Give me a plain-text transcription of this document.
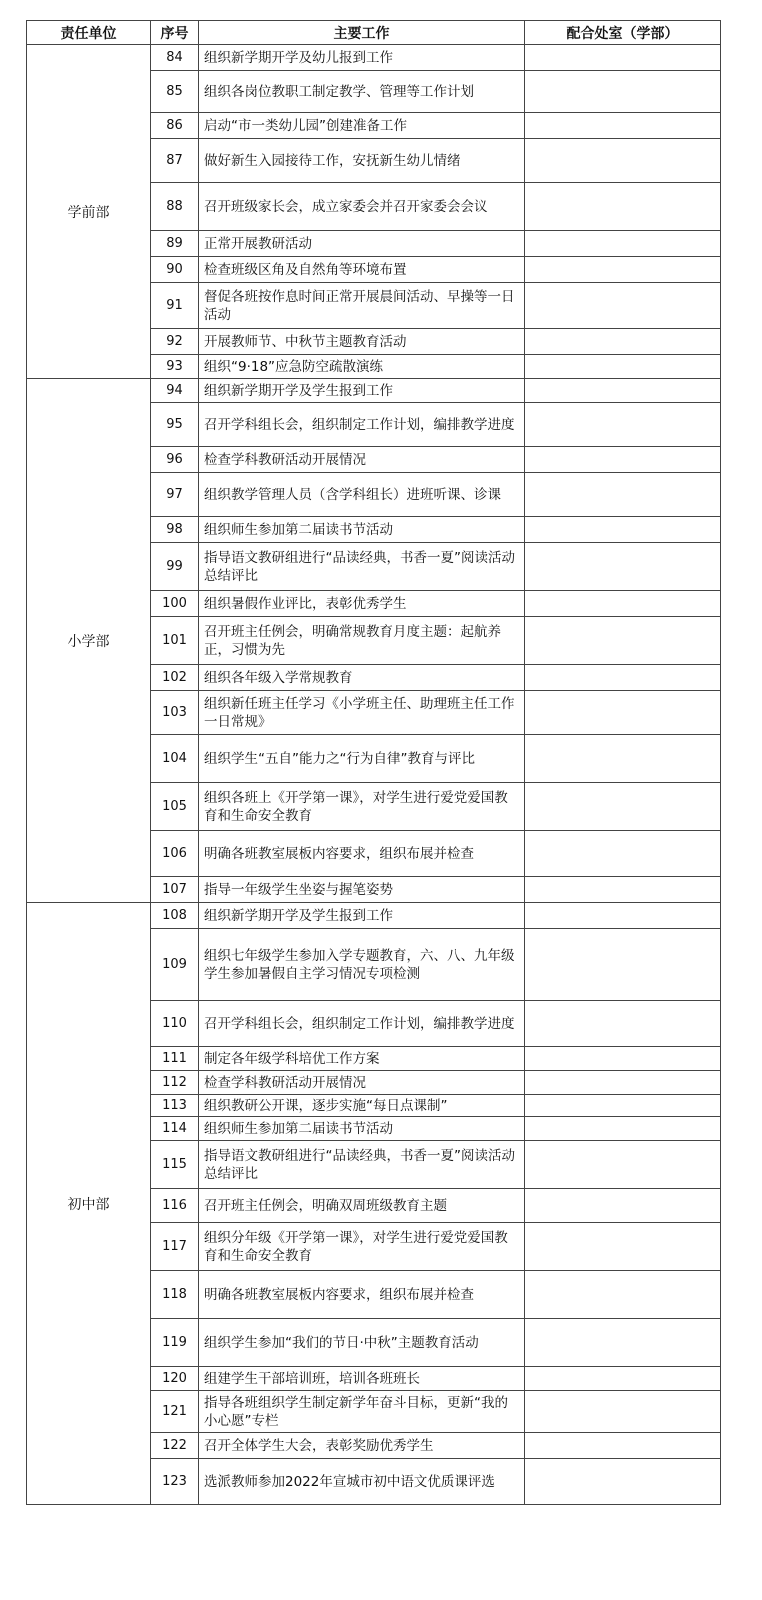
责任单位	序号	主要工作	配合处室（学部）
学前部	84	组织新学期开学及幼儿报到工作	
	85	组织各岗位教职工制定教学、管理等工作计划	
	86	启动“市一类幼儿园”创建准备工作	
	87	做好新生入园接待工作，安抚新生幼儿情绪	
	88	召开班级家长会，成立家委会并召开家委会会议	
	89	正常开展教研活动	
	90	检查班级区角及自然角等环境布置	
	91	督促各班按作息时间正常开展晨间活动、早操等一日活动	
	92	开展教师节、中秋节主题教育活动	
	93	组织“9·18”应急防空疏散演练	
小学部	94	组织新学期开学及学生报到工作	
	95	召开学科组长会，组织制定工作计划，编排教学进度	
	96	检查学科教研活动开展情况	
	97	组织教学管理人员（含学科组长）进班听课、诊课	
	98	组织师生参加第二届读书节活动	
	99	指导语文教研组进行“品读经典，书香一夏”阅读活动总结评比	
	100	组织暑假作业评比，表彰优秀学生	
	101	召开班主任例会，明确常规教育月度主题：起航养正，习惯为先	
	102	组织各年级入学常规教育	
	103	组织新任班主任学习《小学班主任、助理班主任工作一日常规》	
	104	组织学生“五自”能力之“行为自律”教育与评比	
	105	组织各班上《开学第一课》，对学生进行爱党爱国教育和生命安全教育	
	106	明确各班教室展板内容要求，组织布展并检查	
	107	指导一年级学生坐姿与握笔姿势	
初中部	108	组织新学期开学及学生报到工作	
	109	组织七年级学生参加入学专题教育，六、八、九年级学生参加暑假自主学习情况专项检测	
	110	召开学科组长会，组织制定工作计划，编排教学进度	
	111	制定各年级学科培优工作方案	
	112	检查学科教研活动开展情况	
	113	组织教研公开课，逐步实施“每日点课制”	
	114	组织师生参加第二届读书节活动	
	115	指导语文教研组进行“品读经典，书香一夏”阅读活动总结评比	
	116	召开班主任例会，明确双周班级教育主题	
	117	组织分年级《开学第一课》，对学生进行爱党爱国教育和生命安全教育	
	118	明确各班教室展板内容要求，组织布展并检查	
	119	组织学生参加“我们的节日·中秋”主题教育活动	
	120	组建学生干部培训班，培训各班班长	
	121	指导各班组织学生制定新学年奋斗目标，更新“我的小心愿”专栏	
	122	召开全体学生大会，表彰奖励优秀学生	
	123	选派教师参加2022年宣城市初中语文优质课评选	
